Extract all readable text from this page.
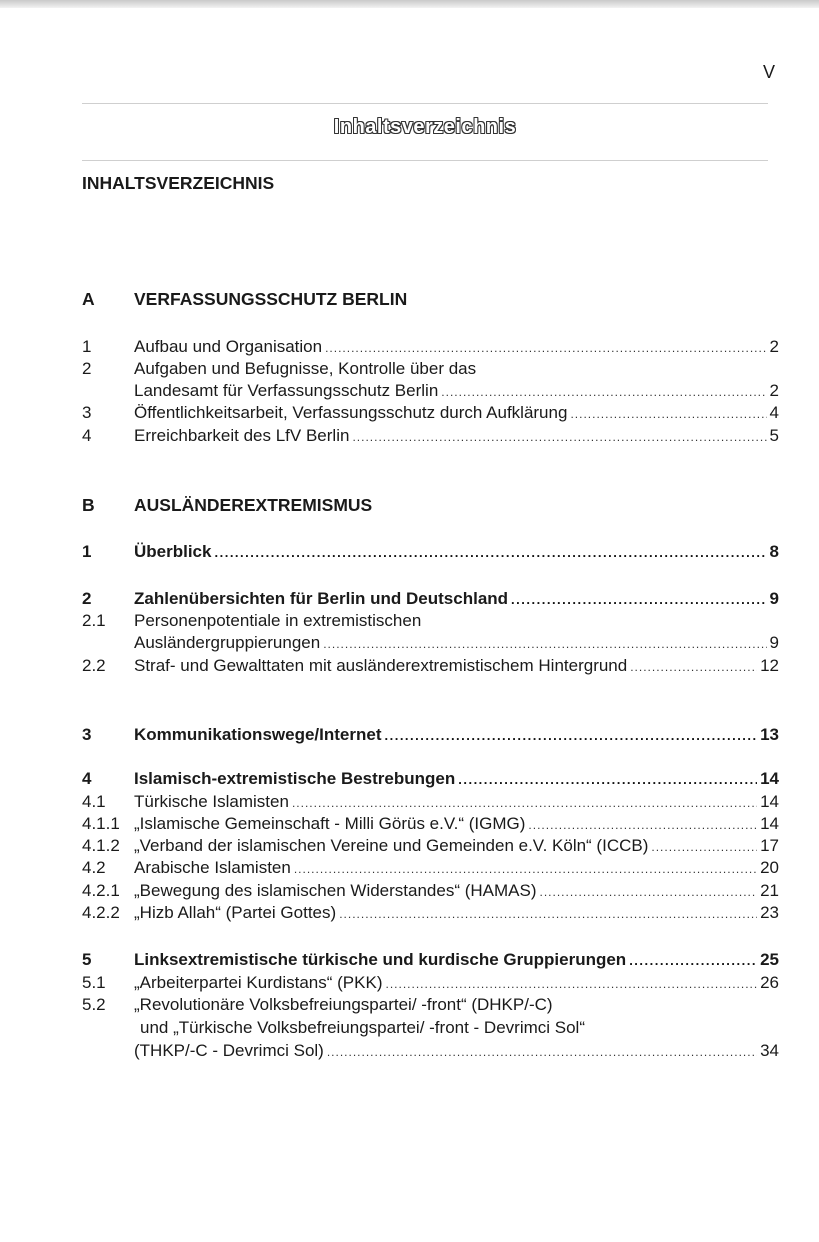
V
Inhaltsverzeichnis
INHALTSVERZEICHNIS
A VERFASSUNGSSCHUTZ BERLIN
1	Aufbau und Organisation .....	2
2	Aufgaben und Befugnisse, Kontrolle über das
Landesamt für Verfassungsschutz Berlin .....	2
3	Öffentlichkeitsarbeit, Verfassungsschutz durch Aufklärung .....	4
4	Erreichbarkeit des LfV Berlin .....	5
B AUSLÄNDEREXTREMISMUS
1	Überblick .....	8
2	Zahlenübersichten für Berlin und Deutschland .....	9
2.1 Personenpotentiale in extremistischen
Ausländergruppierungen .....	9
2.2 Straf- und Gewalttaten mit ausländerextremistischem Hintergrund .....	12
3	Kommunikationswege/Internet .....	13
4	Islamisch-extremistische Bestrebungen .....	14
4.1 Türkische Islamisten .....	14
4.1.1 „Islamische Gemeinschaft - Milli Görüs e.V.“ (IGMG) .....	14
4.1.2 „Verband der islamischen Vereine und Gemeinden e.V. Köln“ (ICCB) .....	17
4.2 Arabische Islamisten .....	20
4.2.1 „Bewegung des islamischen Widerstandes“ (HAMAS) .....	21
4.2.2 „Hizb Allah“ (Partei Gottes) .....	23
5	Linksextremistische türkische und kurdische Gruppierungen .....	25
5.1 „Arbeiterpartei Kurdistans“ (PKK) .....	26
5.2 „Revolutionäre Volksbefreiungspartei/ -front“ (DHKP/-C)
und „Türkische Volksbefreiungspartei/ -front - Devrimci Sol“
(THKP/-C - Devrimci Sol) .....	34
